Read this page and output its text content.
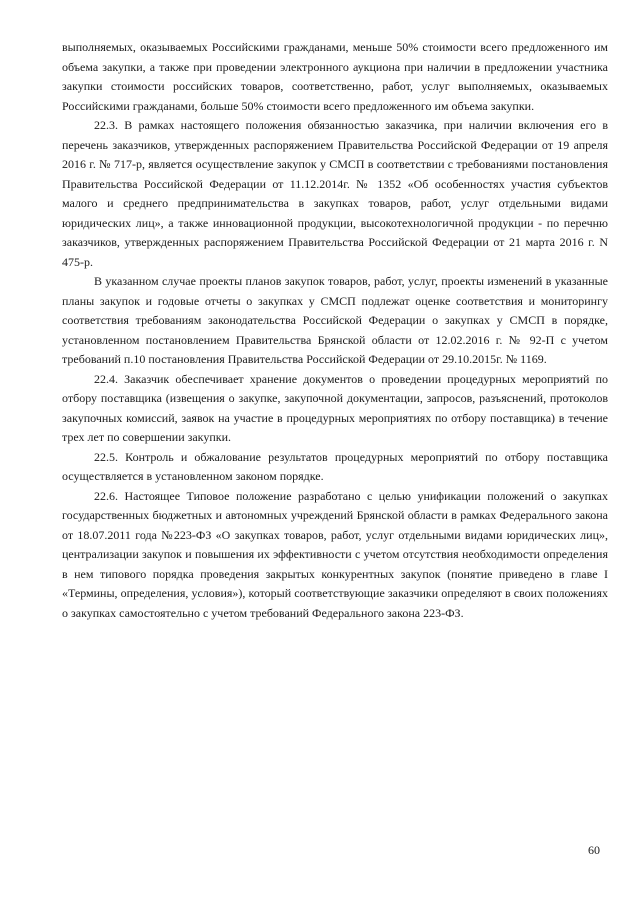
выполняемых, оказываемых Российскими гражданами, меньше 50% стоимости всего предложенного им объема закупки, а также при проведении электронного аукциона при наличии в предложении участника закупки стоимости российских товаров, соответственно, работ, услуг выполняемых, оказываемых Российскими гражданами, больше 50% стоимости всего предложенного им объема закупки.

22.3. В рамках настоящего положения обязанностью заказчика, при наличии включения его в перечень заказчиков, утвержденных распоряжением Правительства Российской Федерации от 19 апреля 2016 г. № 717-р, является осуществление закупок у СМСП в соответствии с требованиями постановления Правительства Российской Федерации от 11.12.2014г. № 1352 «Об особенностях участия субъектов малого и среднего предпринимательства в закупках товаров, работ, услуг отдельными видами юридических лиц», а также инновационной продукции, высокотехнологичной продукции - по перечню заказчиков, утвержденных распоряжением Правительства Российской Федерации от 21 марта 2016 г. N 475-р.

В указанном случае проекты планов закупок товаров, работ, услуг, проекты изменений в указанные планы закупок и годовые отчеты о закупках у СМСП подлежат оценке соответствия и мониторингу соответствия требованиям законодательства Российской Федерации о закупках у СМСП в порядке, установленном постановлением Правительства Брянской области от 12.02.2016 г. № 92-П с учетом требований п.10 постановления Правительства Российской Федерации от 29.10.2015г. № 1169.

22.4. Заказчик обеспечивает хранение документов о проведении процедурных мероприятий по отбору поставщика (извещения о закупке, закупочной документации, запросов, разъяснений, протоколов закупочных комиссий, заявок на участие в процедурных мероприятиях по отбору поставщика) в течение трех лет по совершении закупки.

22.5. Контроль и обжалование результатов процедурных мероприятий по отбору поставщика осуществляется в установленном законом порядке.

22.6. Настоящее Типовое положение разработано с целью унификации положений о закупках государственных бюджетных и автономных учреждений Брянской области в рамках Федерального закона от 18.07.2011 года №223-ФЗ «О закупках товаров, работ, услуг отдельными видами юридических лиц», централизации закупок и повышения их эффективности с учетом отсутствия необходимости определения в нем типового порядка проведения закрытых конкурентных закупок (понятие приведено в главе I «Термины, определения, условия»), который соответствующие заказчики определяют в своих положениях о закупках самостоятельно с учетом требований Федерального закона 223-ФЗ.

60
